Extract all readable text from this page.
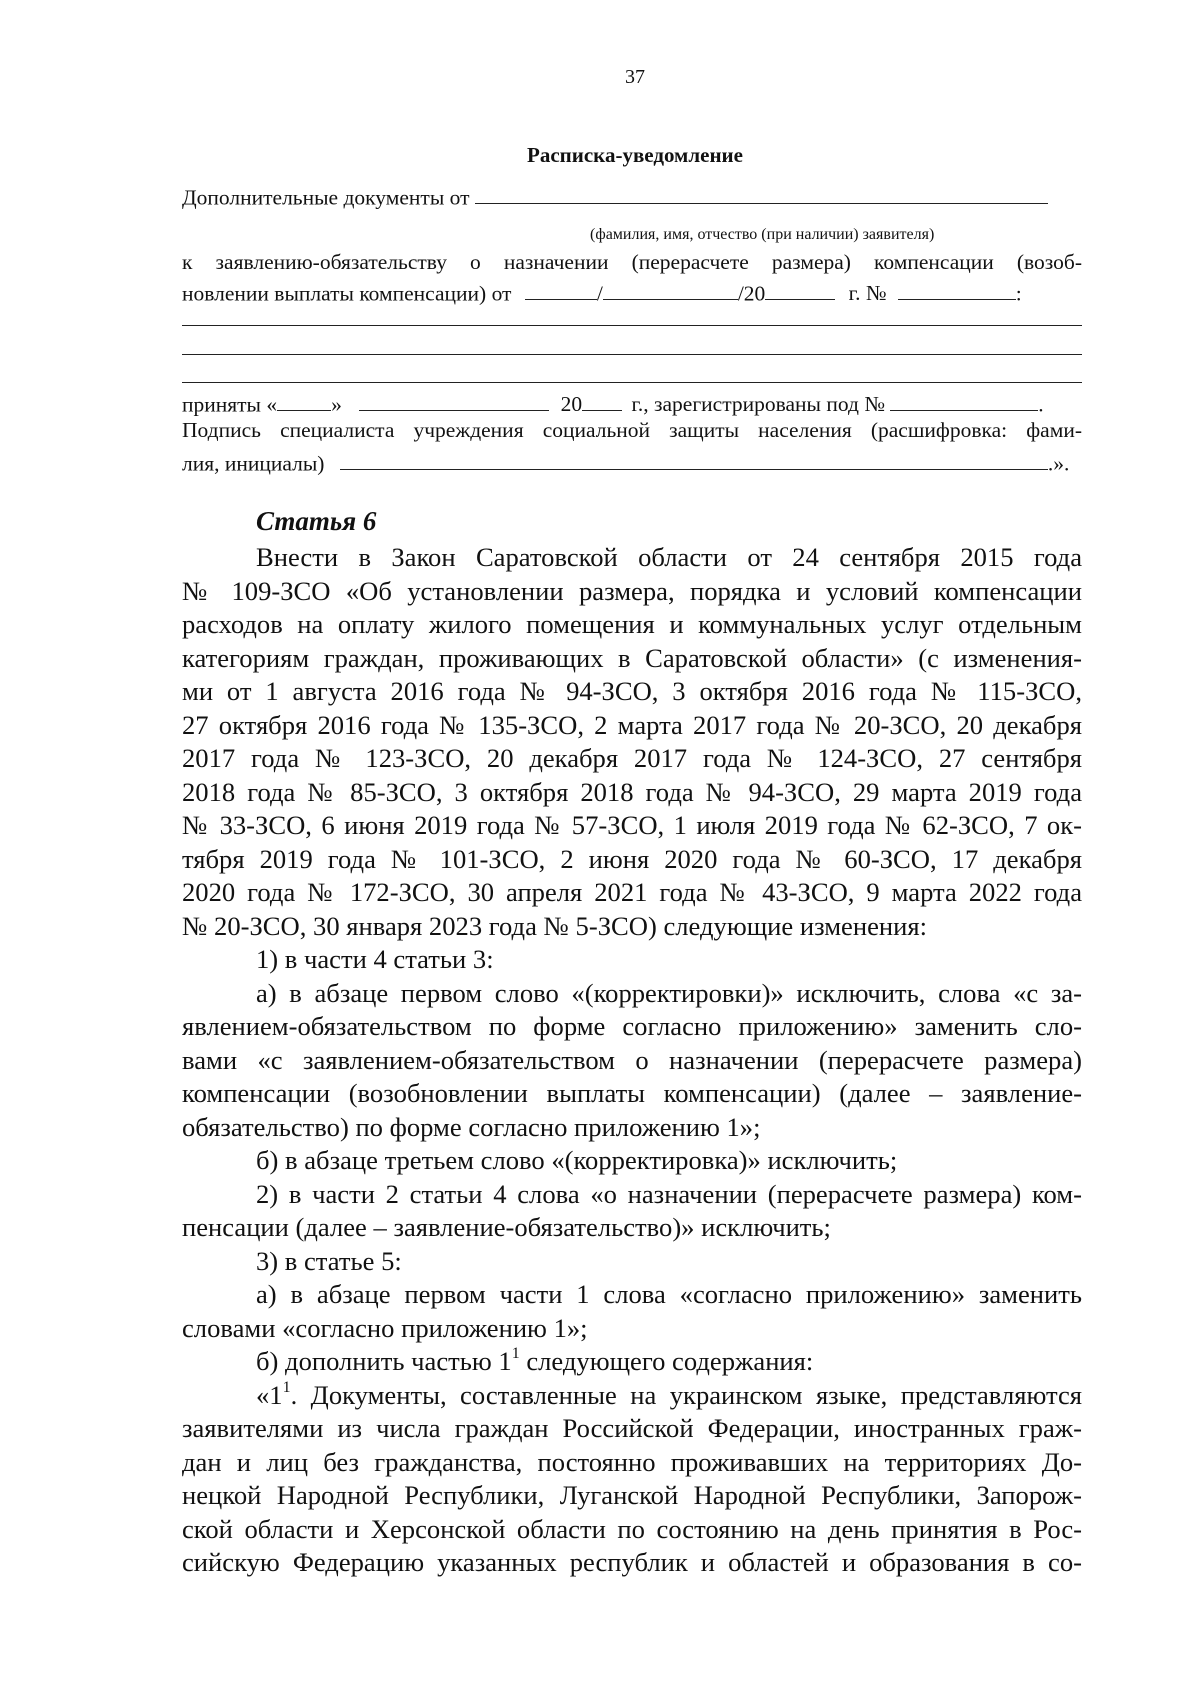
37
Расписка-уведомление
Дополнительные документы от
(фамилия, имя, отчество (при наличии) заявителя)
к заявлению-обязательству о назначении (перерасчете размера) компенсации (возоб-
новлении выплаты компенсации) от	/	/20	г. №	:
приняты «	»	20 г., зарегистрированы под №	.
Подпись специалиста учреждения социальной защиты населения (расшифровка: фами-
лия, инициалы)	.».
Статья 6
Внести в Закон Саратовской области от 24 сентября 2015 года
№ 109-ЗСО «Об установлении размера, порядка и условий компенсации
расходов на оплату жилого помещения и коммунальных услуг отдельным
категориям граждан, проживающих в Саратовской области» (с изменения-
ми от 1 августа 2016 года № 94-ЗСО, 3 октября 2016 года № 115-ЗСО,
27 октября 2016 года № 135-ЗСО, 2 марта 2017 года № 20-ЗСО, 20 декабря
2017 года № 123-ЗСО, 20 декабря 2017 года № 124-ЗСО, 27 сентября
2018 года № 85-ЗСО, 3 октября 2018 года № 94-ЗСО, 29 марта 2019 года
№ 33-ЗСО, 6 июня 2019 года № 57-ЗСО, 1 июля 2019 года № 62-ЗСО, 7 ок-
тября 2019 года № 101-ЗСО, 2 июня 2020 года № 60-ЗСО, 17 декабря
2020 года № 172-ЗСО, 30 апреля 2021 года № 43-ЗСО, 9 марта 2022 года
№ 20-ЗСО, 30 января 2023 года № 5-ЗСО) следующие изменения:
1) в части 4 статьи 3:
а) в абзаце первом слово «(корректировки)» исключить, слова «с за-
явлением-обязательством по форме согласно приложению» заменить сло-
вами «с заявлением-обязательством о назначении (перерасчете размера)
компенсации (возобновлении выплаты компенсации) (далее – заявление-
обязательство) по форме согласно приложению 1»;
б) в абзаце третьем слово «(корректировка)» исключить;
2) в части 2 статьи 4 слова «о назначении (перерасчете размера) ком-
пенсации (далее – заявление-обязательство)» исключить;
3) в статье 5:
а) в абзаце первом части 1 слова «согласно приложению» заменить
словами «согласно приложению 1»;
б) дополнить частью $1^1$ следующего содержания:
«$1^1$. Документы, составленные на украинском языке, представляются
заявителями из числа граждан Российской Федерации, иностранных граж-
дан и лиц без гражданства, постоянно проживавших на территориях До-
нецкой Народной Республики, Луганской Народной Республики, Запорож-
ской области и Херсонской области по состоянию на день принятия в Рос-
сийскую Федерацию указанных республик и областей и образования в со-
